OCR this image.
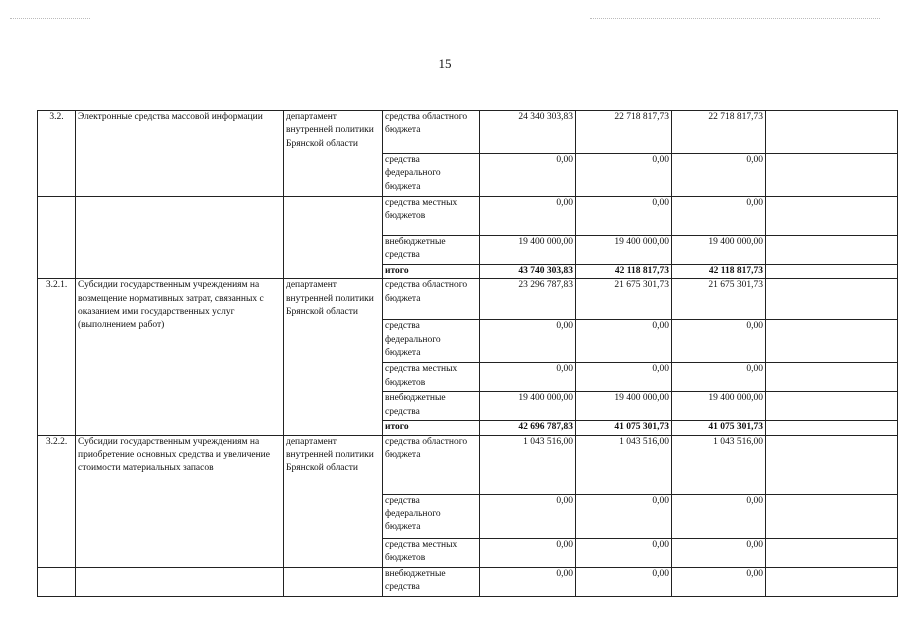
15
3.2.	Электронные средства массовой информации	департамент внутренней политики Брянской области	средства областного бюджета	24 340 303,83	22 718 817,73	22 718 817,73	
			средства федерального бюджета	0,00	0,00	0,00	
			средства местных бюджетов	0,00	0,00	0,00	
			внебюджетные средства	19 400 000,00	19 400 000,00	19 400 000,00	
			итого	43 740 303,83	42 118 817,73	42 118 817,73	
3.2.1.	Субсидии государственным учреждениям на возмещение нормативных затрат, связанных с оказанием ими государственных услуг (выполнением работ)	департамент внутренней политики Брянской области	средства областного бюджета	23 296 787,83	21 675 301,73	21 675 301,73	
			средства федерального бюджета	0,00	0,00	0,00	
			средства местных бюджетов	0,00	0,00	0,00	
			внебюджетные средства	19 400 000,00	19 400 000,00	19 400 000,00	
			итого	42 696 787,83	41 075 301,73	41 075 301,73	
3.2.2.	Субсидии государственным учреждениям на приобретение основных средства и увеличение стоимости материальных запасов	департамент внутренней политики Брянской области	средства областного бюджета	1 043 516,00	1 043 516,00	1 043 516,00	
			средства федерального бюджета	0,00	0,00	0,00	
			средства местных бюджетов	0,00	0,00	0,00	
			внебюджетные средства	0,00	0,00	0,00	
